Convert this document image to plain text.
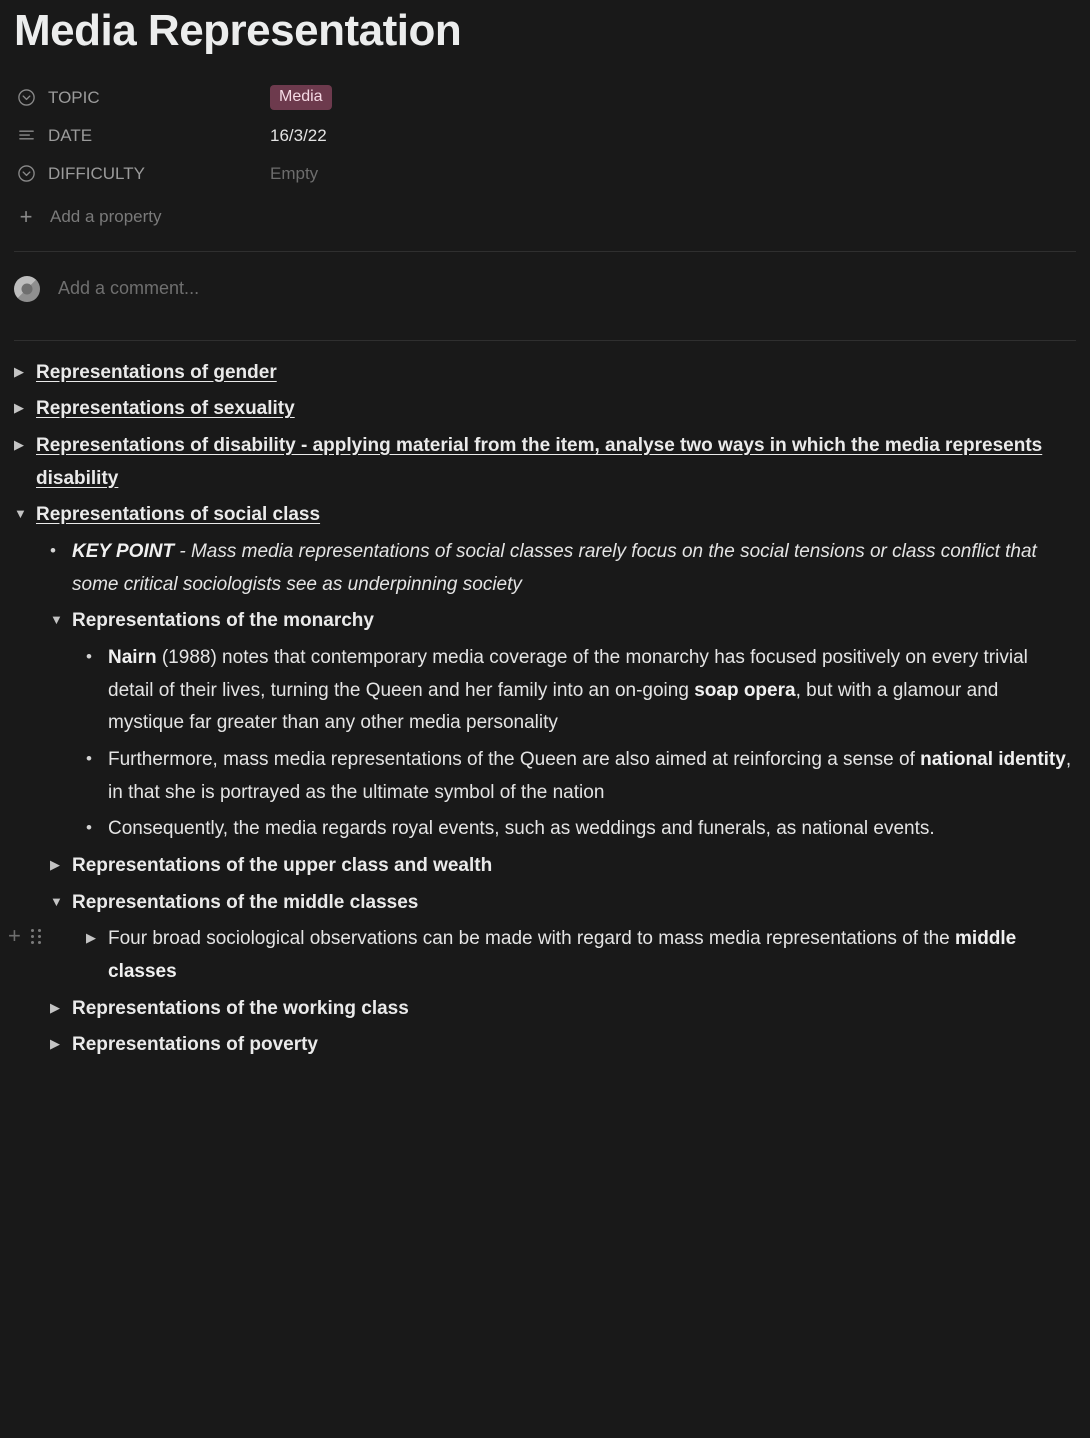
Media Representation
TOPIC	Media
DATE	16/3/22
DIFFICULTY	Empty
+	Add a property
Add a comment...
▶
Representations of gender
▶
Representations of sexuality
▶
Representations of disability - applying material from the item, analyse two ways in which the media represents disability
▼
Representations of social class
•
KEY POINT - Mass media representations of social classes rarely focus on the social tensions or class conflict that some critical sociologists see as underpinning society
▼
Representations of the monarchy
•
Nairn (1988) notes that contemporary media coverage of the monarchy has focused positively on every trivial detail of their lives, turning the Queen and her family into an on-going soap opera, but with a glamour and mystique far greater than any other media personality
•
Furthermore, mass media representations of the Queen are also aimed at reinforcing a sense of national identity, in that she is portrayed as the ultimate symbol of the nation
•
Consequently, the media regards royal events, such as weddings and funerals, as national events.
▶
Representations of the upper class and wealth
▼
Representations of the middle classes
+ ▶	Four broad sociological observations can be made with regard to mass media representations of the middle classes
▶
Representations of the working class
▶
Representations of poverty
